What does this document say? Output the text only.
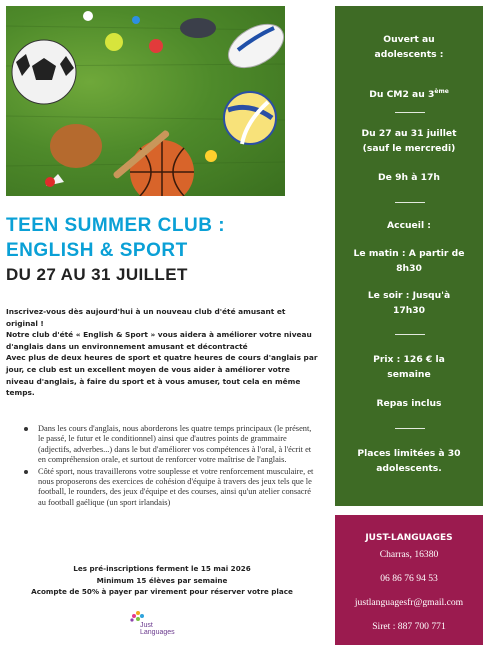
TEEN SUMMER CLUB :
ENGLISH & SPORT
DU 27 AU 31 JUILLET

Inscrivez-vous dès aujourd'hui à un nouveau club d'été amusant et original !

Notre club d'été « English & Sport » vous aidera à améliorer votre niveau d'anglais dans un environnement amusant et décontracté

Avec plus de deux heures de sport et quatre heures de cours d'anglais par jour, ce club est un excellent moyen de vous aider à améliorer votre niveau d'anglais, à faire du sport et à vous amuser, tout cela en même temps.

Dans les cours d'anglais, nous aborderons les quatre temps principaux (le présent, le passé, le futur et le conditionnel) ainsi que d'autres points de grammaire (adjectifs, adverbes...) dans le but d'améliorer vos compétences à l'oral, à l'écrit et en compréhension orale, et surtout de renforcer votre maîtrise de l'anglais.
Côté sport, nous travaillerons votre souplesse et votre renforcement musculaire, et nous proposerons des exercices de cohésion d'équipe à travers des jeux tels que le football, le rounders, des jeux d'équipe et des courses, ainsi qu'un atelier consacré au football gaélique (un sport irlandais)
Les pré-inscriptions ferment le 15 mai 2026
Minimum 15 élèves par semaine
Acompte de 50% à payer par virement pour réserver votre place
Just
Languages
Ouvert au
adolescents :
Du CM2 au 3ème
Du 27 au 31 juillet
(sauf le mercredi)
De 9h à 17h
Accueil :
Le matin : A partir de
8h30
Le soir : Jusqu'à
17h30
Prix : 126 € la
semaine
Repas inclus
Places limitées à 30
adolescents.
JUST-LANGUAGES
Charras, 16380
06 86 76 94 53
justlanguagesfr@gmail.com
Siret : 887 700 771
